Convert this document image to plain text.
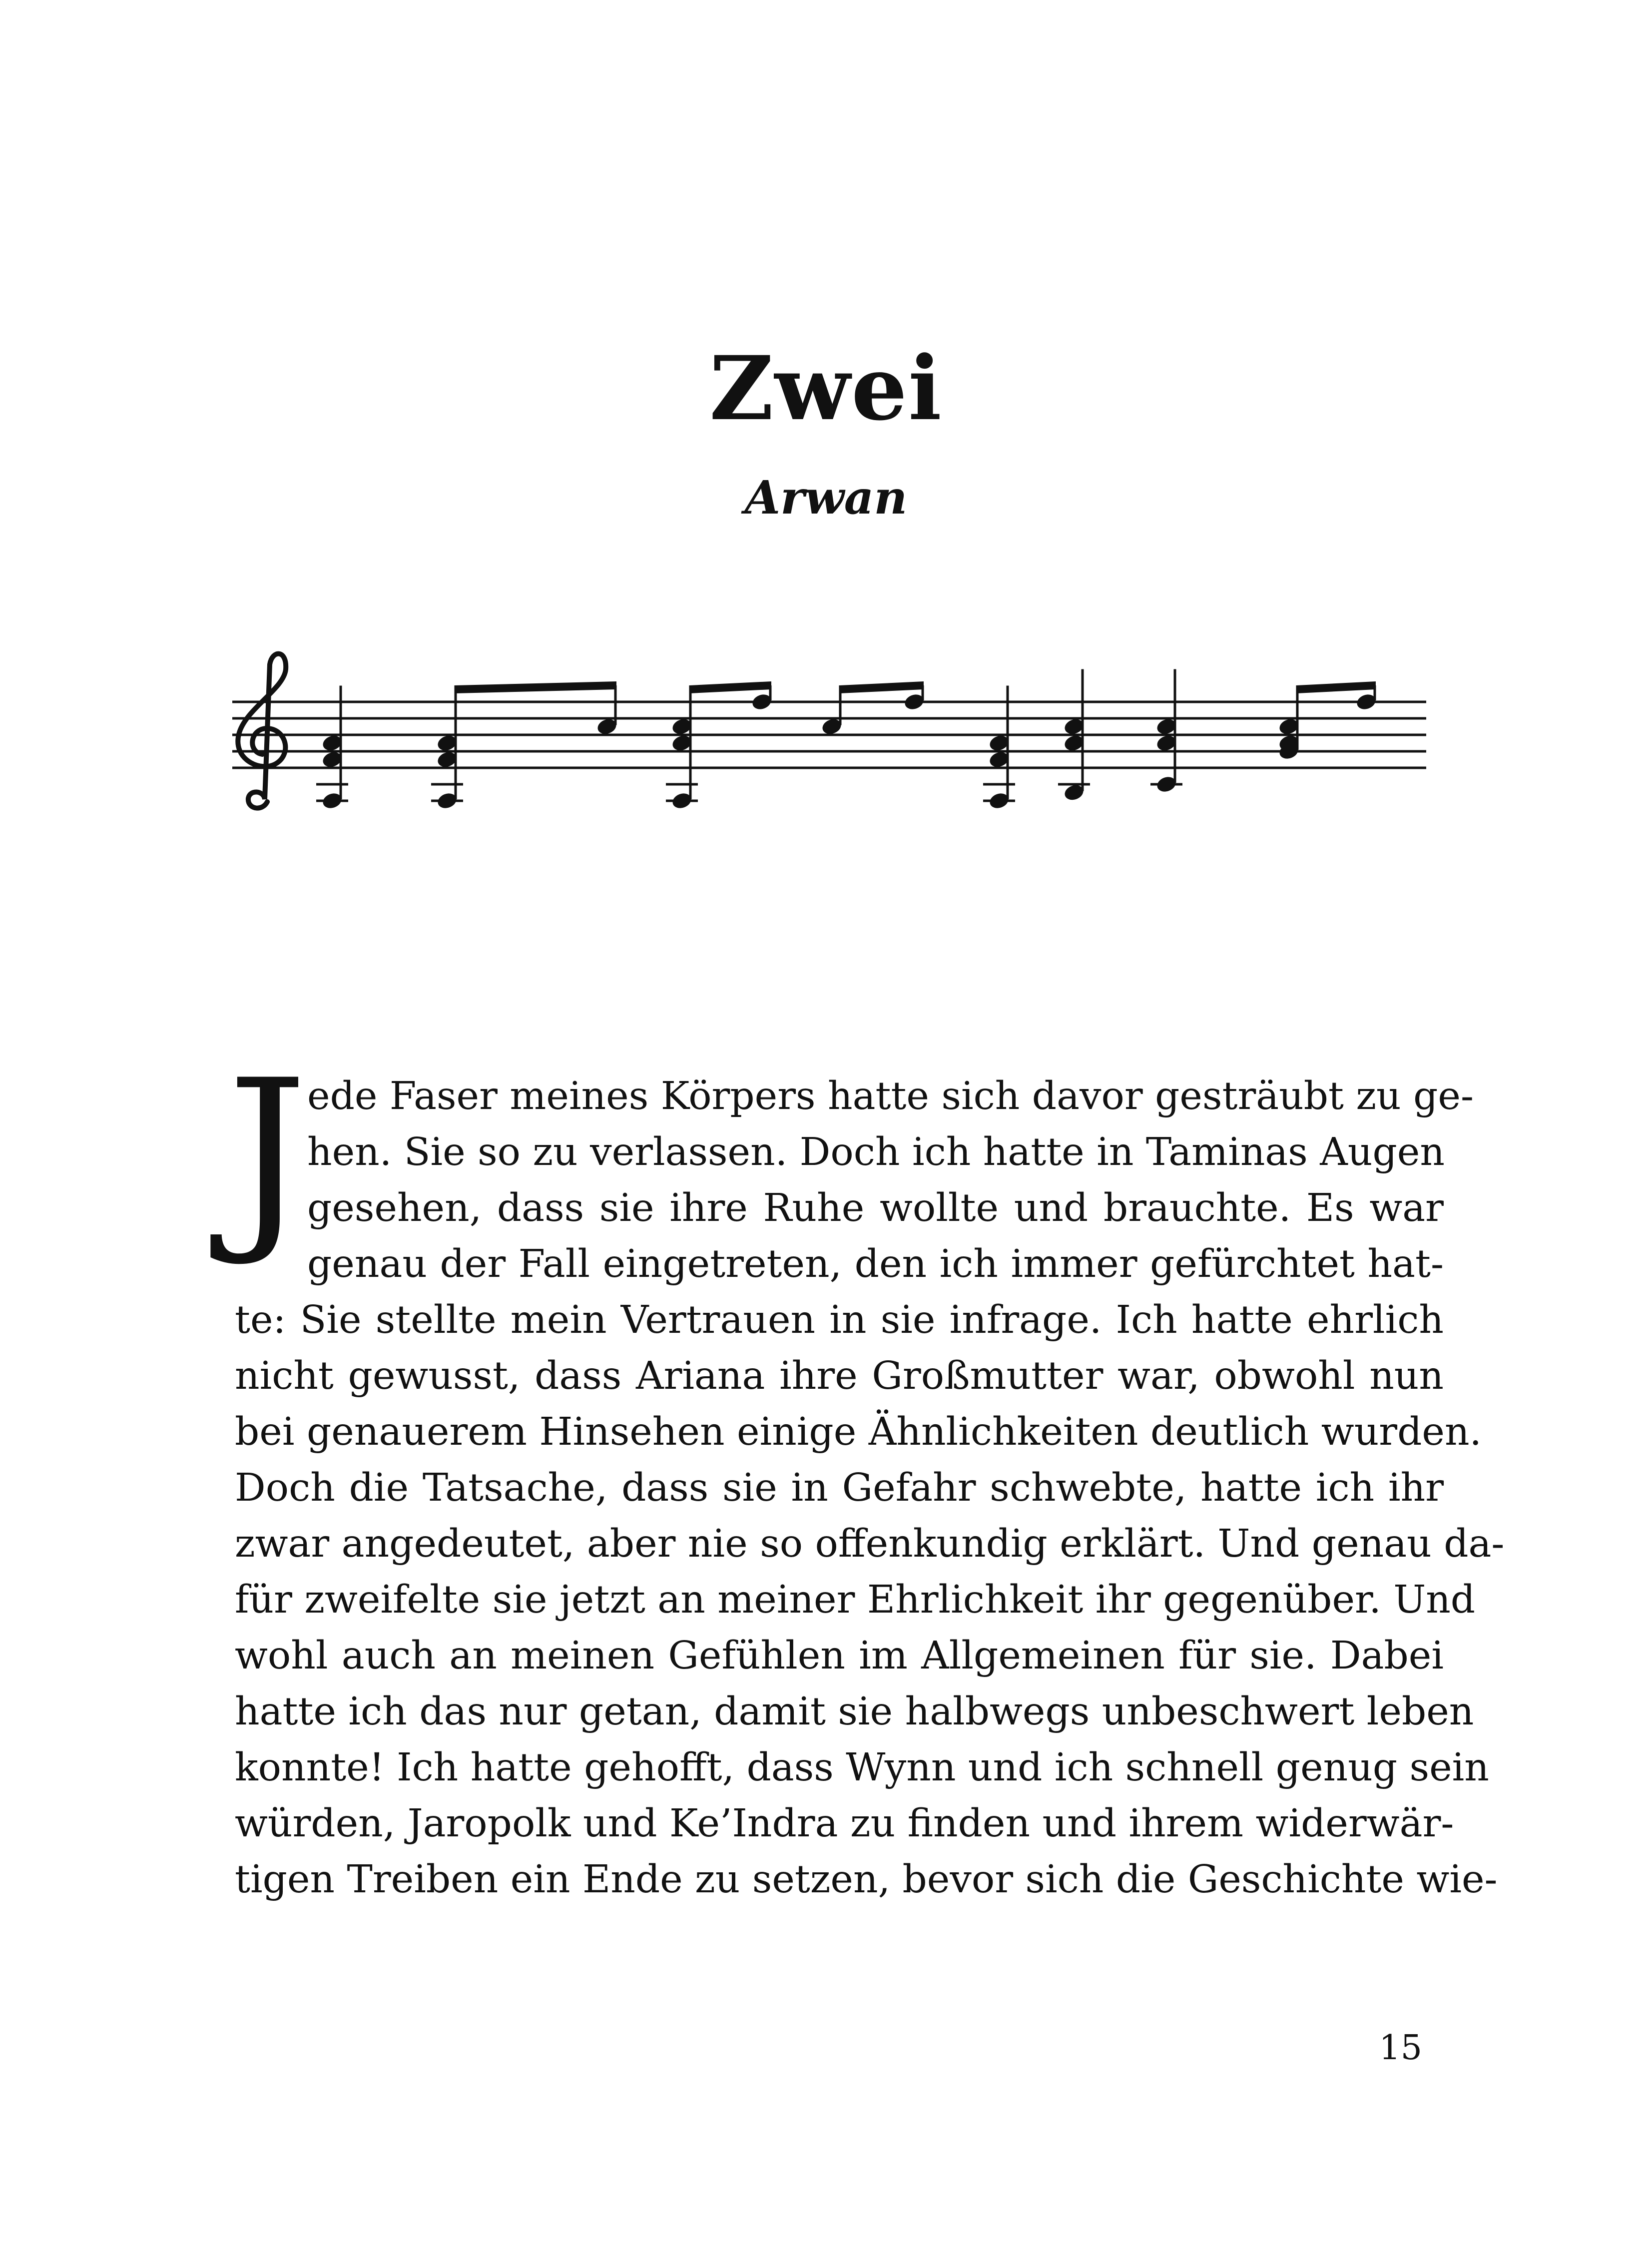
Zwei
Arwan
J ede Faser meines Körpers hatte sich davor gesträubt zu ge-
hen. Sie so zu verlassen. Doch ich hatte in Taminas Augen
gesehen, dass sie ihre Ruhe wollte und brauchte. Es war
genau der Fall eingetreten, den ich immer gefürchtet hat-
te: Sie stellte mein Vertrauen in sie infrage. Ich hatte ehrlich
nicht gewusst, dass Ariana ihre Großmutter war, obwohl nun
bei genauerem Hinsehen einige Ähnlichkeiten deutlich wurden.
Doch die Tatsache, dass sie in Gefahr schwebte, hatte ich ihr
zwar angedeutet, aber nie so offenkundig erklärt. Und genau da-
für zweifelte sie jetzt an meiner Ehrlichkeit ihr gegenüber. Und
wohl auch an meinen Gefühlen im Allgemeinen für sie. Dabei
hatte ich das nur getan, damit sie halbwegs unbeschwert leben
konnte! Ich hatte gehofft, dass Wynn und ich schnell genug sein
würden, Jaropolk und Ke’Indra zu finden und ihrem widerwär-
tigen Treiben ein Ende zu setzen, bevor sich die Geschichte wie-
15
